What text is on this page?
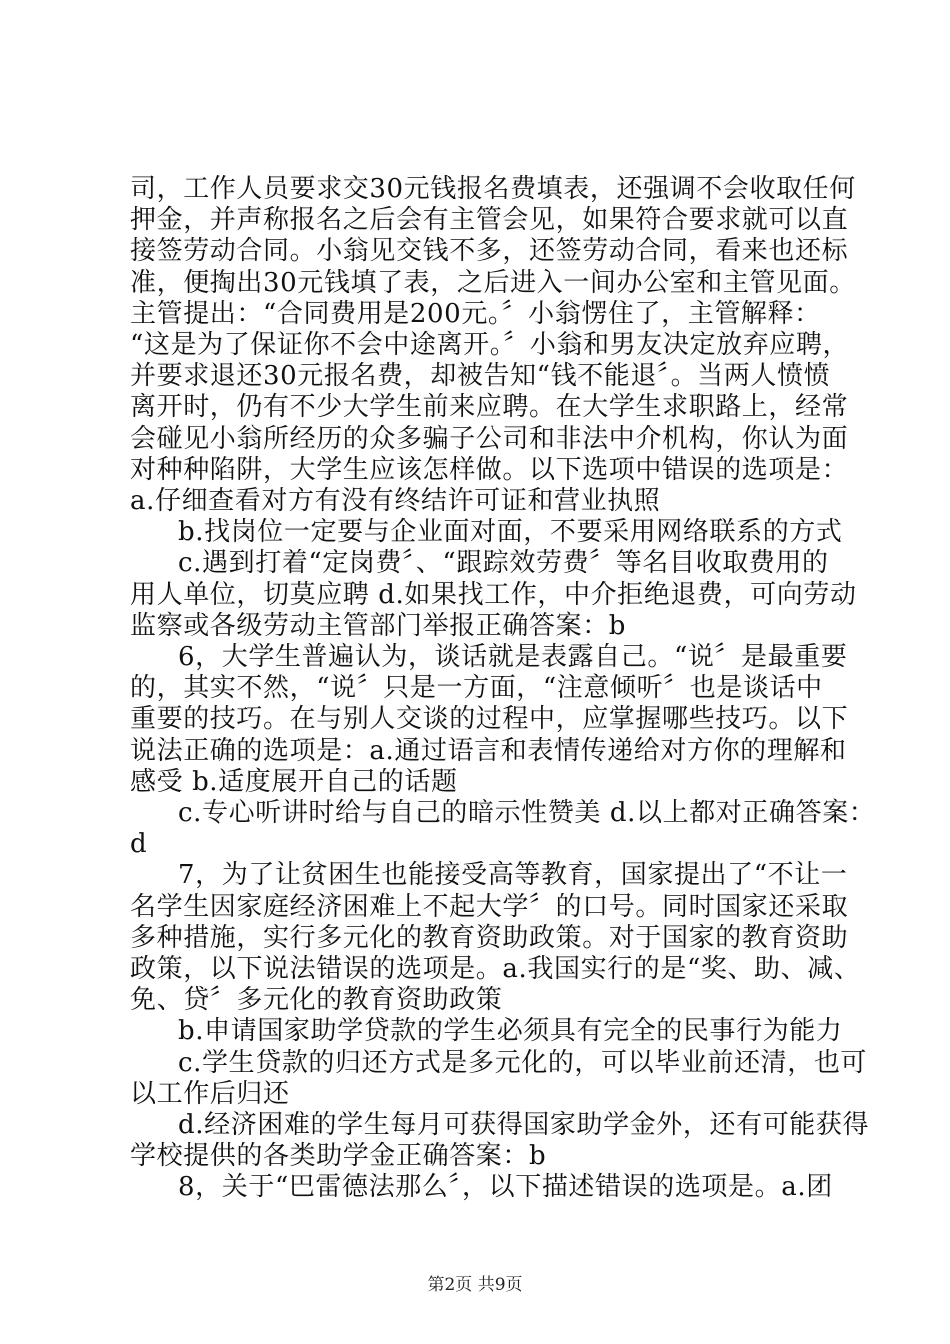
司，工作人员要求交30元钱报名费填表，还强调不会收取任何
押金，并声称报名之后会有主管会见，如果符合要求就可以直
接签劳动合同。小翁见交钱不多，还签劳动合同，看来也还标
准，便掏出30元钱填了表，之后进入一间办公室和主管见面。
主管提出：“合同费用是200元。〞小翁愣住了，主管解释：
“这是为了保证你不会中途离开。〞小翁和男友决定放弃应聘，
并要求退还30元报名费，却被告知“钱不能退〞。当两人愤愤
离开时，仍有不少大学生前来应聘。在大学生求职路上，经常
会碰见小翁所经历的众多骗子公司和非法中介机构，你认为面
对种种陷阱，大学生应该怎样做。以下选项中错误的选项是：
a.仔细查看对方有没有终结许可证和营业执照
b.找岗位一定要与企业面对面，不要采用网络联系的方式
c.遇到打着“定岗费〞、“跟踪效劳费〞等名目收取费用的
用人单位，切莫应聘 d.如果找工作，中介拒绝退费，可向劳动
监察或各级劳动主管部门举报正确答案：b
6，大学生普遍认为，谈话就是表露自己。“说〞是最重要
的，其实不然，“说〞只是一方面，“注意倾听〞也是谈话中
重要的技巧。在与别人交谈的过程中，应掌握哪些技巧。以下
说法正确的选项是：a.通过语言和表情传递给对方你的理解和
感受 b.适度展开自己的话题
c.专心听讲时给与自己的暗示性赞美 d.以上都对正确答案：
d
7，为了让贫困生也能接受高等教育，国家提出了“不让一
名学生因家庭经济困难上不起大学〞的口号。同时国家还采取
多种措施，实行多元化的教育资助政策。对于国家的教育资助
政策，以下说法错误的选项是。a.我国实行的是“奖、助、减、
免、贷〞多元化的教育资助政策
b.申请国家助学贷款的学生必须具有完全的民事行为能力
c.学生贷款的归还方式是多元化的，可以毕业前还清，也可
以工作后归还
d.经济困难的学生每月可获得国家助学金外，还有可能获得
学校提供的各类助学金正确答案：b
8，关于“巴雷德法那么〞，以下描述错误的选项是。a.团
第2页 共9页
